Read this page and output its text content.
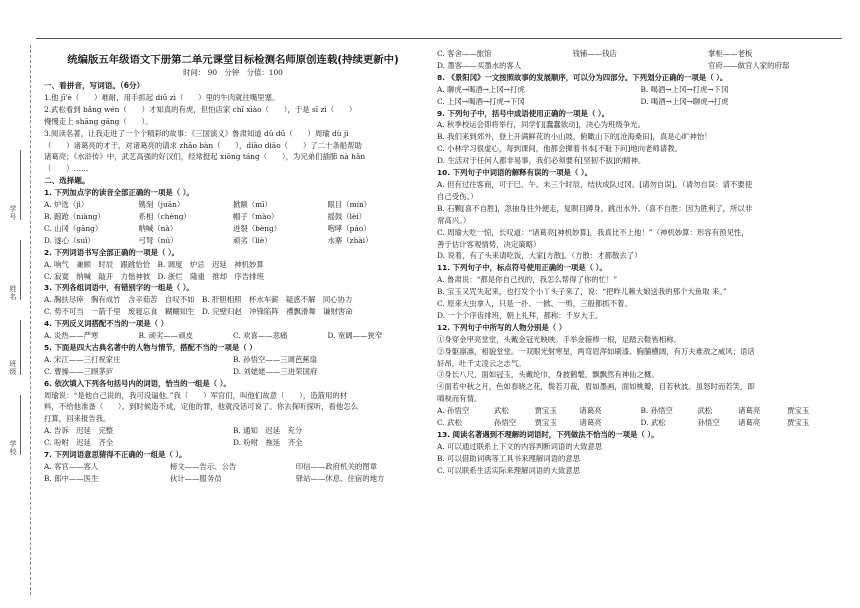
学号
姓名
班级
学校
统编版五年级语文下册第二单元课堂目标检测名师原创连载(持续更新中)
时间： 90　分钟　分值：100
一、看拼音，写词语。（6分）
1.他 jī'è（　　）难耐，用手抓起 diū zì（　　）里的牛肉就往嘴里塞。
2.武松看到 bǎng wén（　　）才知真的有虎，但怕店家 chǐ xiào（　　），于是 sī zì（　　）
慢慢走上 shāng gāng（　　）。
3.阅读名著，让我走进了一个个精彩的故事：《三国演义》鲁肃知道 dū dū（　　）周瑜 dù jì
（　　）诸葛亮的才干，对诸葛亮的请求 zhāo bàn（　　），diāo diāo（　　）了二十条船帮助
诸葛亮；《水浒传》中，武艺高强的好汉们，经常挺起 xiōng táng（　　），为兄弟们插肺 nà hǎn
（　　）……
二、选择题。
1. 下列加点字的读音全部正确的一项是（ ）。
A. 炉选（jì）	镌刻（juān）	掀额（mī）	眼目（mín）
B. 踉跄（niàng）	系相（chèng）	帽子（mào）	摇鼓（lèi）
C. 山冈（gāng）	呐喊（nà）	迸裂（bèng）	咆哮（páo）
D. 遂心（suì）	弓弩（nú）	顽劣（liè）	水寨（zhài）
2. 下列词语书写全部正确的一项是（ ）。
A. 响气　兼顾　时辰　跟跳恰恰　B. 调度　炉忌　迟延　神机妙算
C. 寂寞　纳喊　敲开　力偕神彼　D. 浙烂　隆重　推却　序告排班
3. 下列各组词语中，有错别字的一组是（ ）。
A. 胸扶尽瘁　胸有成竹　含辛茹苦　自叹不如　B. 肝胆相照　杯水车薪　疑惑不解　同心协力
C. 势不可当　一箭千里　废寝忘食　糊糊知生　D. 完壁归赵　冲锋陷阵　禮飘滑舞　谦财害命
4. 下列反义词搭配不当的一项是（ ）
A. 炎热——严寒	B. 顽劣——顽皮	C. 欢喜——悲痛	D. 宽阔——狭窄
5. 下面是四大古典名著中的人物与情节，搭配不当的一项是（ ）
A. 宋江——三打祝家庄	B. 孙悟空——三调芭蕉扇
C. 曹操——三顾茅庐	D. 刘姥姥——三进荣国府
6. 依次填入下列各句括号内的词语，恰当的一组是（ ）。
周瑜说：“是他自己说的，我可没逼他。”我（　　）军官们，叫他们故意（　　），造箭用的材
料，不给他准备（　　）。到时候造不成，定他的罪，他就没话可说了。你去探听探听，看他怎么
打算，回来报告我。
A. 告诉　迟延　完整	B. 通知　迟延　充分
C. 吩咐　迟延　齐全	D. 吩咐　拖延　齐全
7. 下列词语意思猜得不正确的一组是（ ）。
A. 客官——客人	榜文——告示、公告	印信——政府机关的图章
B. 郎中——医生	伙计——服务员	驿站——休息、住宿的地方
C. 客舍——旅馆	钱铺——钱店	掌柜——老板
D. 墨客——买墨水的客人	官府——做官人家的府邸
8. 《景阳冈》一文按照故事的发展顺序，可以分为四部分。下列划分正确的一项是（ ）。
A. 聊虎→喝酒→上冈→打虎	B. 喝酒→上冈→打虎→下冈
C. 上冈→喝酒→打虎→下冈	D. 喝酒→上冈→聊虎→打虎
9. 下列句子中，括号中成语使用正确的一项是（ ）。
A. 秋季校运会即将举行，同学们[蠢蠢欲动]，决心为班级争光。
B. 我们来到郊外，登上开满鲜花的小山坡，俯瞰山下的[沧海桑田]，真是心旷神怡！
C. 小林学习很虚心，每到课间，他都会撵着书本[不耻下问]地向老师请教。
D. 生活对于任何人都非易事，我们必须要有[坚韧不拔]的精神。
10. 下列句子中词语的解释有误的一项是（ ）。
A. 但有过往客商，可于巳、午、未三个时辰，结伙成队过冈。[请勿自误]。（请勿自误：请不要使
自己受伤。）
B. 石颗[喜不自胜]，忽抽身往外便走，复瞑目蹲身，跳出水外。（喜不自胜：因为胜利了，所以非
常高兴。）
C. 周瑜大吃一惊，长叹道：“诸葛亮[神机妙算]，我真比不上他！”（神机妙算：形容有预见性，
善于估计客观情势，决定策略）
D. 说着，有了头来请吃饭，大家[方散]。（方散：才都散去了）
11. 下列句子中，标点符号使用正确的一项是（ ）。
A. 鲁肃说：“都是你自己找的，我怎么帮得了你的忙！”
B. 宝玉又咒失起来，也打发个小丫头子来了，说：“把昨儿赖大娘送我的那个大鱼取 来。”
C. 原来大虫拿人，只是一扑、一掀、一剪，三般都抓不着。
D. 一个个序齿排班，朝上礼拜，都称：千岁大王。
12. 下列句子中所写的人物分别是（ ）
①身穿金甲亮堂堂，头戴金冠光映映。手举金箍棒一根，足踏云鞋皆相称。
②身躯凛凛，相貌堂堂。一双眼光射寒星，两弯眉浑如刷漆。胸脯横阔，有万夫难敌之威风；语话
轩昂，吐千丈凌云之志气。
③身长八尺，面如冠玉，头戴纶巾，身披鹤氅，飘飘然有神仙之概。
④面若中秋之月，色如春晓之花，鬓若刀裁，眉如墨画，面如桃瓣，目若秋波。虽怒时而若笑，即
嗔视而有情。
A. 孙悟空	武松	贾宝玉	诸葛亮	B. 孙悟空	武松	诸葛亮	贾宝玉
C. 武松	孙悟空	贾宝玉	诸葛亮	D. 武松	孙悟空	诸葛亮	贾宝玉
13. 阅读名著遇到不理解的词语时，下列做法不恰当的一项是（ ）。
A. 可以通过联系上下文的内容判断词语的大致意思
B. 可以借助词典等工具书来理解词语的意思
C. 可以联系生活实际来理解词语的大致意思
